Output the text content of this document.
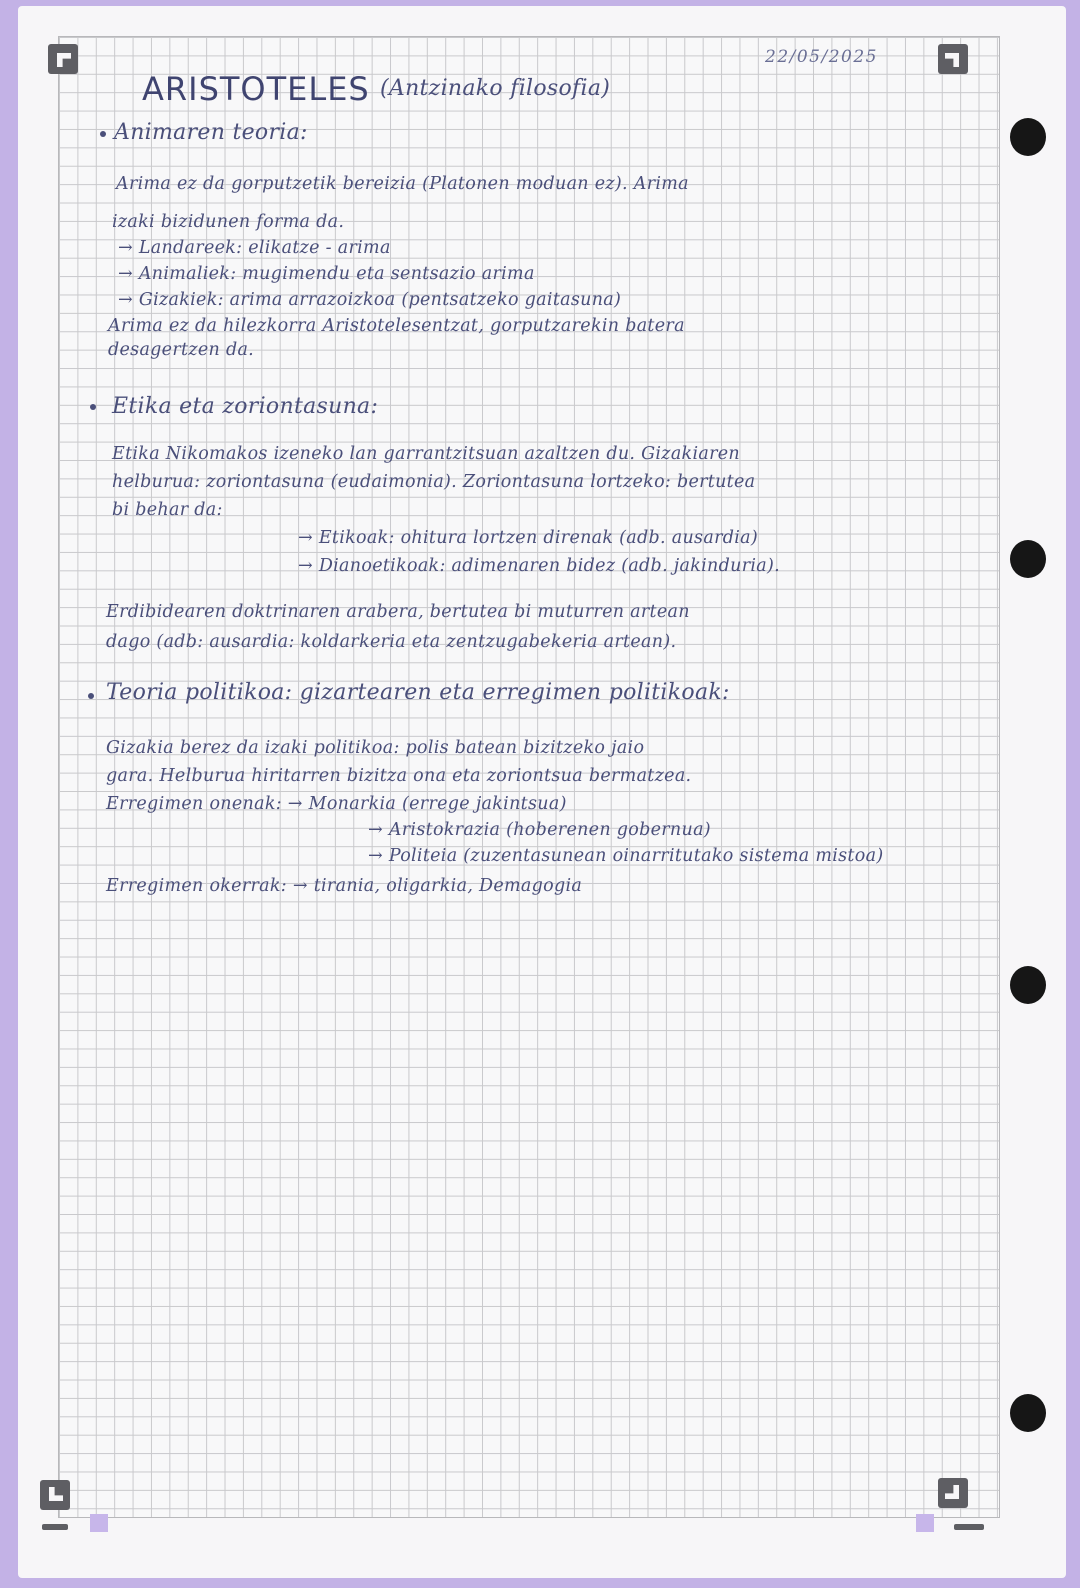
ARISTOTELES (Antzinako filosofia)
22/05/2025
Animaren teoria:
Arima ez da gorputzetik bereizia (Platonen moduan ez). Arima
izaki bizidunen forma da.
→ Landareek: elikatze - arima
→ Animaliek: mugimendu eta sentsazio arima
→ Gizakiek: arima arrazoizkoa (pentsatzeko gaitasuna)
Arima ez da hilezkorra Aristotelesentzat, gorputzarekin batera
desagertzen da.
Etika eta zoriontasuna:
Etika Nikomakos izeneko lan garrantzitsuan azaltzen du. Gizakiaren
helburua: zoriontasuna (eudaimonia). Zoriontasuna lortzeko: bertutea
bi behar da:
→ Etikoak: ohitura lortzen direnak (adb. ausardia)
→ Dianoetikoak: adimenaren bidez (adb. jakinduria).
Erdibidearen doktrinaren arabera, bertutea bi muturren artean
dago (adb: ausardia: koldarkeria eta zentzugabekeria artean).
Teoria politikoa: gizartearen eta erregimen politikoak:
Gizakia berez da izaki politikoa: polis batean bizitzeko jaio
gara. Helburua hiritarren bizitza ona eta zoriontsua bermatzea.
Erregimen onenak: → Monarkia (errege jakintsua)
→ Aristokrazia (hoberenen gobernua)
→ Politeia (zuzentasunean oinarritutako sistema mistoa)
Erregimen okerrak: → tirania, oligarkia, Demagogia
